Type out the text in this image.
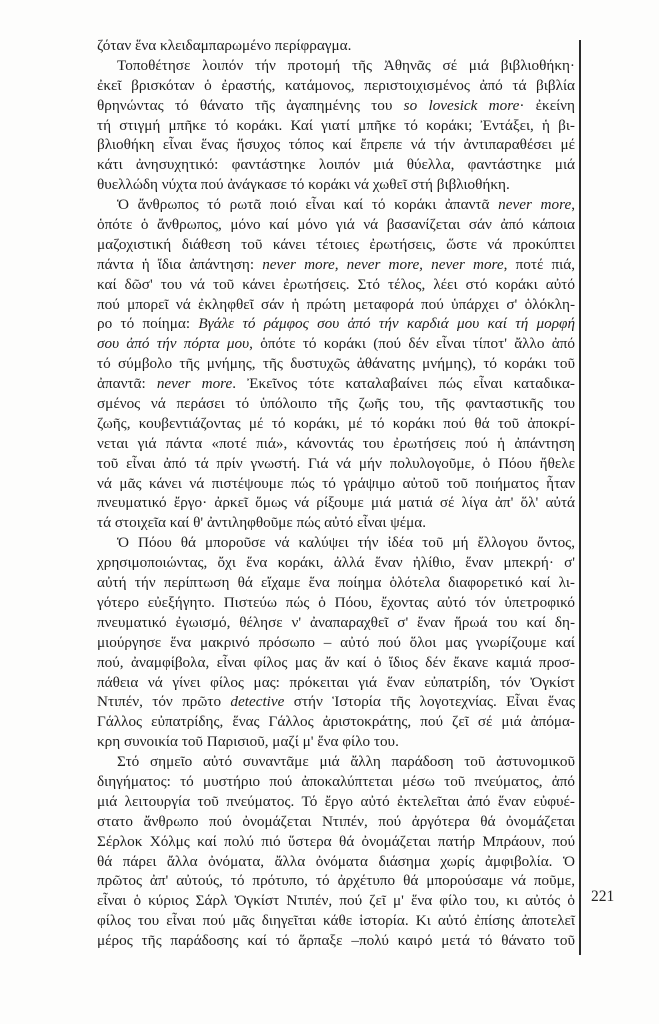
ζόταν ἕνα κλειδαμπαρωμένο περίφραγμα.
Τοποθέτησε λοιπόν τήν προτομή τῆς Ἀθηνᾶς σέ μιά βιβλιοθήκη·
ἐκεῖ βρισκόταν ὁ ἐραστής, κατάμονος, περιστοιχισμένος ἀπό τά βιβλία
θρηνώντας τό θάνατο τῆς ἀγαπημένης του so lovesick more· ἐκείνη
τή στιγμή μπῆκε τό κοράκι. Καί γιατί μπῆκε τό κοράκι; Ἐντάξει, ἡ βι-
βλιοθήκη εἶναι ἕνας ἥσυχος τόπος καί ἔπρεπε νά τήν ἀντιπαραθέσει μέ
κάτι ἀνησυχητικό: φαντάστηκε λοιπόν μιά θύελλα, φαντάστηκε μιά
θυελλώδη νύχτα πού ἀνάγκασε τό κοράκι νά χωθεῖ στή βιβλιοθήκη.
Ὁ ἄνθρωπος τό ρωτᾶ ποιό εἶναι καί τό κοράκι ἀπαντᾶ never more,
ὁπότε ὁ ἄνθρωπος, μόνο καί μόνο γιά νά βασανίζεται σάν ἀπό κάποια
μαζοχιστική διάθεση τοῦ κάνει τέτοιες ἐρωτήσεις, ὥστε νά προκύπτει
πάντα ἡ ἴδια ἀπάντηση: never more, never more, never more, ποτέ πιά,
καί δῶσ' του νά τοῦ κάνει ἐρωτήσεις. Στό τέλος, λέει στό κοράκι αὐτό
πού μπορεῖ νά ἐκληφθεῖ σάν ἡ πρώτη μεταφορά πού ὑπάρχει σ' ὁλόκλη-
ρο τό ποίημα: Βγάλε τό ράμφος σου ἀπό τήν καρδιά μου καί τή μορφή
σου ἀπό τήν πόρτα μου, ὁπότε τό κοράκι (πού δέν εἶναι τίποτ' ἄλλο ἀπό
τό σύμβολο τῆς μνήμης, τῆς δυστυχῶς ἀθάνατης μνήμης), τό κοράκι τοῦ
ἀπαντᾶ: never more. Ἐκεῖνος τότε καταλαβαίνει πώς εἶναι καταδικα-
σμένος νά περάσει τό ὑπόλοιπο τῆς ζωῆς του, τῆς φανταστικῆς του
ζωῆς, κουβεντιάζοντας μέ τό κοράκι, μέ τό κοράκι πού θά τοῦ ἀποκρί-
νεται γιά πάντα «ποτέ πιά», κάνοντάς του ἐρωτήσεις πού ἡ ἀπάντηση
τοῦ εἶναι ἀπό τά πρίν γνωστή. Γιά νά μήν πολυλογοῦμε, ὁ Πόου ἤθελε
νά μᾶς κάνει νά πιστέψουμε πώς τό γράψιμο αὐτοῦ τοῦ ποιήματος ἦταν
πνευματικό ἔργο· ἀρκεῖ ὅμως νά ρίξουμε μιά ματιά σέ λίγα ἀπ' ὅλ' αὐτά
τά στοιχεῖα καί θ' ἀντιληφθοῦμε πώς αὐτό εἶναι ψέμα.
Ὁ Πόου θά μποροῦσε νά καλύψει τήν ἰδέα τοῦ μή ἔλλογου ὄντος,
χρησιμοποιώντας, ὄχι ἕνα κοράκι, ἀλλά ἕναν ἠλίθιο, ἕναν μπεκρή· σ'
αὐτή τήν περίπτωση θά εἴχαμε ἕνα ποίημα ὁλότελα διαφορετικό καί λι-
γότερο εὐεξήγητο. Πιστεύω πώς ὁ Πόου, ἔχοντας αὐτό τόν ὑπετροφικό
πνευματικό ἐγωισμό, θέλησε ν' ἀναπαραχθεῖ σ' ἕναν ἥρωά του καί δη-
μιούργησε ἕνα μακρινό πρόσωπο – αὐτό πού ὅλοι μας γνωρίζουμε καί
πού, ἀναμφίβολα, εἶναι φίλος μας ἄν καί ὁ ἴδιος δέν ἔκανε καμιά προσ-
πάθεια νά γίνει φίλος μας: πρόκειται γιά ἕναν εὐπατρίδη, τόν Ὀγκίστ
Ντιπέν, τόν πρῶτο detective στήν Ἱστορία τῆς λογοτεχνίας. Εἶναι ἕνας
Γάλλος εὐπατρίδης, ἕνας Γάλλος ἀριστοκράτης, πού ζεῖ σέ μιά ἀπόμα-
κρη συνοικία τοῦ Παρισιοῦ, μαζί μ' ἕνα φίλο του.
Στό σημεῖο αὐτό συναντᾶμε μιά ἄλλη παράδοση τοῦ ἀστυνομικοῦ
διηγήματος: τό μυστήριο πού ἀποκαλύπτεται μέσω τοῦ πνεύματος, ἀπό
μιά λειτουργία τοῦ πνεύματος. Τό ἔργο αὐτό ἐκτελεῖται ἀπό ἕναν εὐφυέ-
στατο ἄνθρωπο πού ὀνομάζεται Ντιπέν, πού ἀργότερα θά ὀνομάζεται
Σέρλοκ Χόλμς καί πολύ πιό ὕστερα θά ὀνομάζεται πατήρ Μπράουν, πού
θά πάρει ἄλλα ὀνόματα, ἄλλα ὀνόματα διάσημα χωρίς ἀμφιβολία. Ὁ
πρῶτος ἀπ' αὐτούς, τό πρότυπο, τό ἀρχέτυπο θά μπορούσαμε νά ποῦμε,
εἶναι ὁ κύριος Σάρλ Ὀγκίστ Ντιπέν, πού ζεῖ μ' ἕνα φίλο του, κι αὐτός ὁ
φίλος του εἶναι πού μᾶς διηγεῖται κάθε ἱστορία. Κι αὐτό ἐπίσης ἀποτελεῖ
μέρος τῆς παράδοσης καί τό ἅρπαξε –πολύ καιρό μετά τό θάνατο τοῦ
221
